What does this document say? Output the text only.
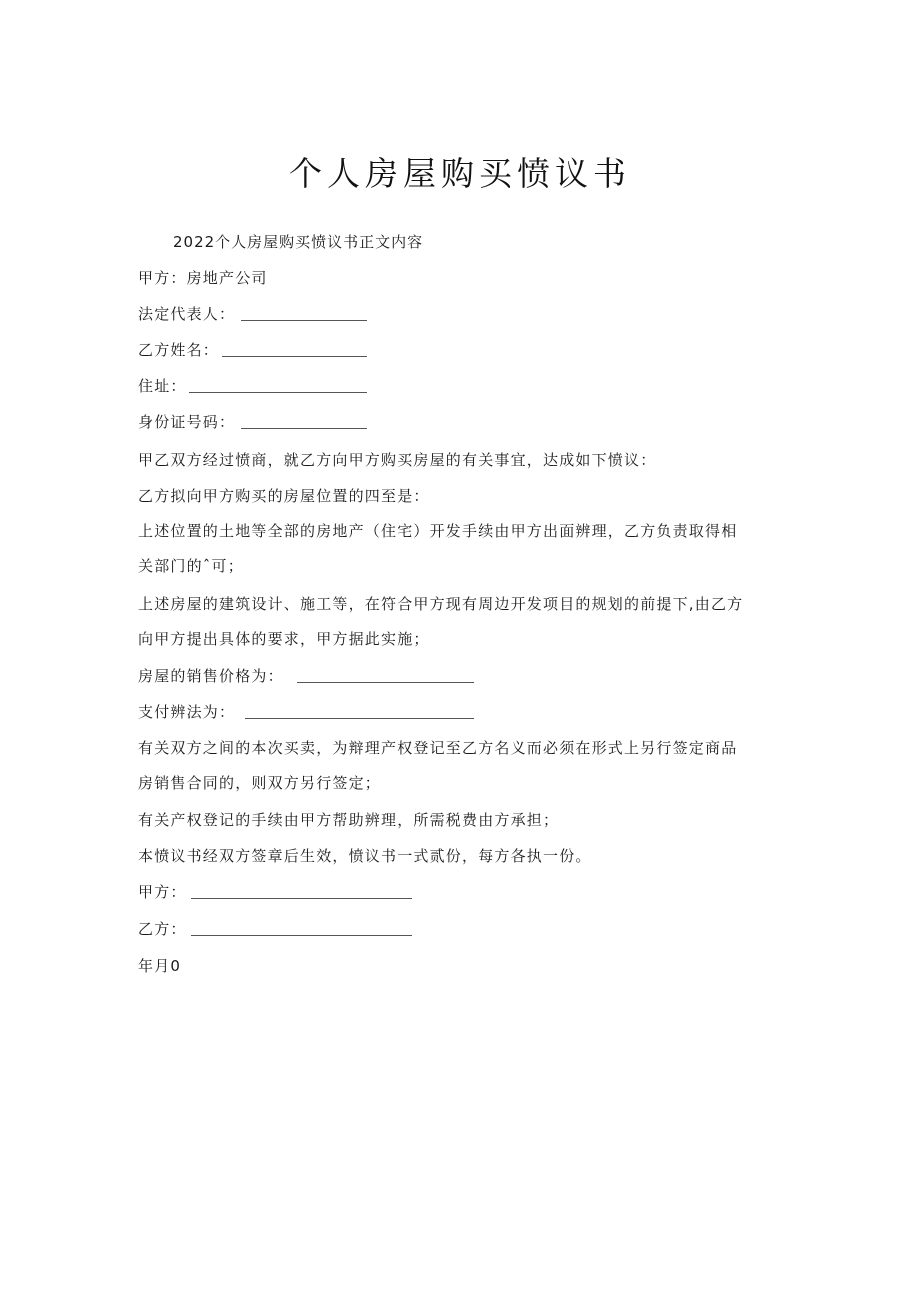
个人房屋购买愤议书
2022个人房屋购买愤议书正文内容
甲方：房地产公司
法定代表人：
乙方姓名：
住址：
身份证号码：
甲乙双方经过愤商，就乙方向甲方购买房屋的有关事宜，达成如下愤议：
乙方拟向甲方购买的房屋位置的四至是：
上述位置的土地等全部的房地产（住宅）开发手续由甲方出面辨理，乙方负责取得相
关部门的ˆ可；
上述房屋的建筑设计、施工等，在符合甲方现有周边开发项目的规划的前提下,由乙方
向甲方提出具体的要求，甲方据此实施；
房屋的销售价格为：
支付辨法为：
有关双方之间的本次买卖，为辩理产权登记至乙方名义而必须在形式上另行签定商品
房销售合同的，则双方另行签定；
有关产权登记的手续由甲方帮助辨理，所需税费由方承担；
本愤议书经双方签章后生效，愤议书一式贰份，每方各执一份。
甲方：
乙方：
年月0
